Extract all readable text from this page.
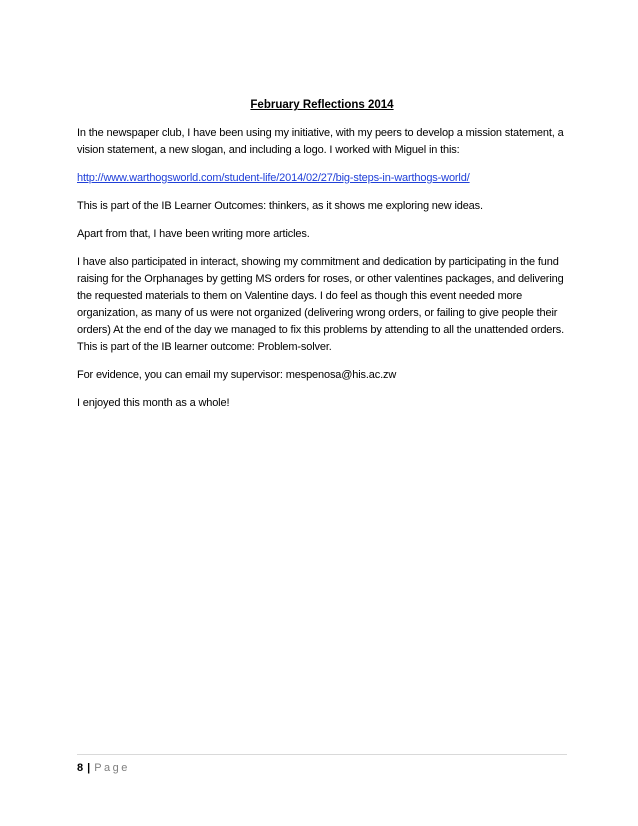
February Reflections 2014

In the newspaper club, I have been using my initiative, with my peers to develop a mission statement, a vision statement, a new slogan, and including a logo. I worked with Miguel in this:

http://www.warthogsworld.com/student-life/2014/02/27/big-steps-in-warthogs-world/

This is part of the IB Learner Outcomes: thinkers, as it shows me exploring new ideas.

Apart from that, I have been writing more articles.

I have also participated in interact, showing my commitment and dedication by participating in the fund raising for the Orphanages by getting MS orders for roses, or other valentines packages, and delivering the requested materials to them on Valentine days. I do feel as though this event needed more organization, as many of us were not organized (delivering wrong orders, or failing to give people their orders) At the end of the day we managed to fix this problems by attending to all the unattended orders. This is part of the IB learner outcome: Problem-solver.

For evidence, you can email my supervisor: mespenosa@his.ac.zw

I enjoyed this month as a whole!

8 | Page
